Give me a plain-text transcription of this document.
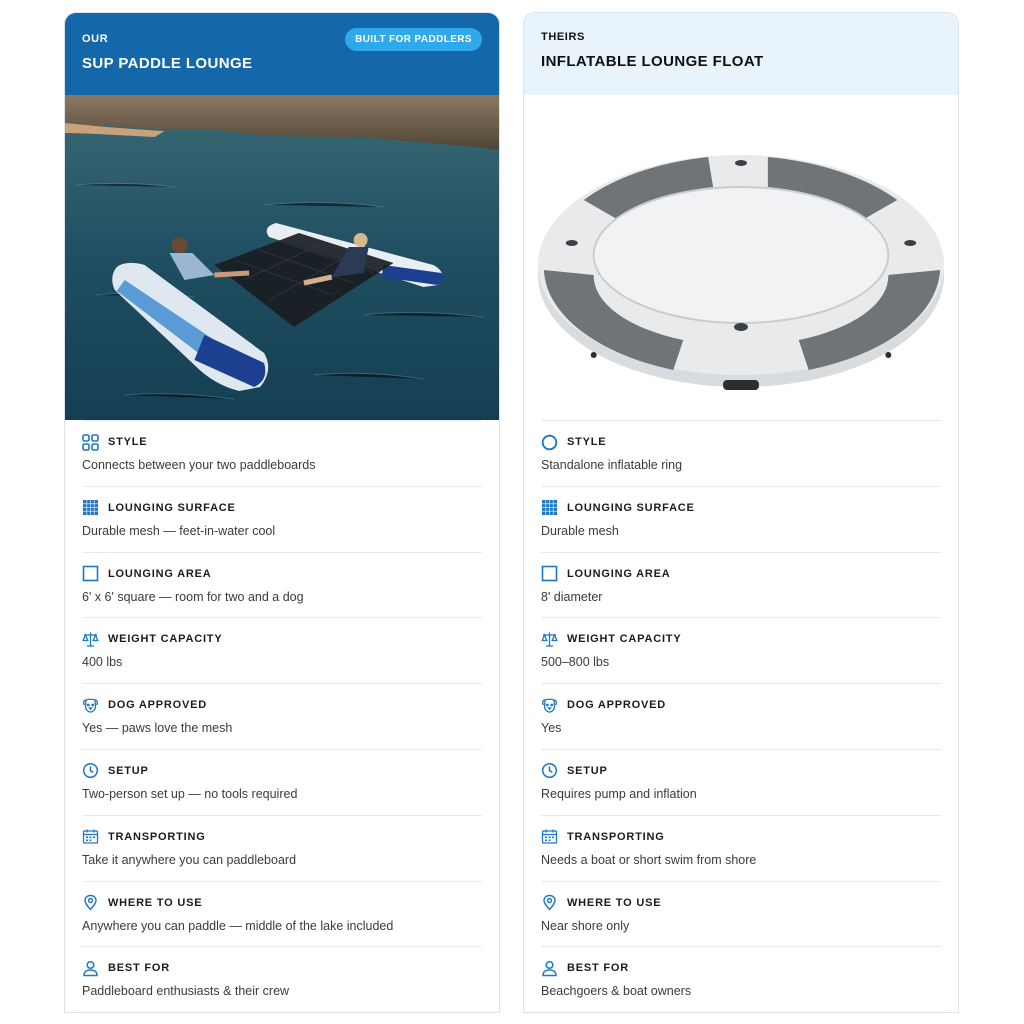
OUR
SUP PADDLE LOUNGE
BUILT FOR PADDLERS
STYLE
Connects between your two paddleboards
LOUNGING SURFACE
Durable mesh — feet-in-water cool
LOUNGING AREA
6' x 6' square — room for two and a dog
WEIGHT CAPACITY
400 lbs
DOG APPROVED
Yes — paws love the mesh
SETUP
Two-person set up — no tools required
TRANSPORTING
Take it anywhere you can paddleboard
WHERE TO USE
Anywhere you can paddle — middle of the lake included
BEST FOR
Paddleboard enthusiasts & their crew
THEIRS
INFLATABLE LOUNGE FLOAT
STYLE
Standalone inflatable ring
LOUNGING SURFACE
Durable mesh
LOUNGING AREA
8' diameter
WEIGHT CAPACITY
500–800 lbs
DOG APPROVED
Yes
SETUP
Requires pump and inflation
TRANSPORTING
Needs a boat or short swim from shore
WHERE TO USE
Near shore only
BEST FOR
Beachgoers & boat owners
